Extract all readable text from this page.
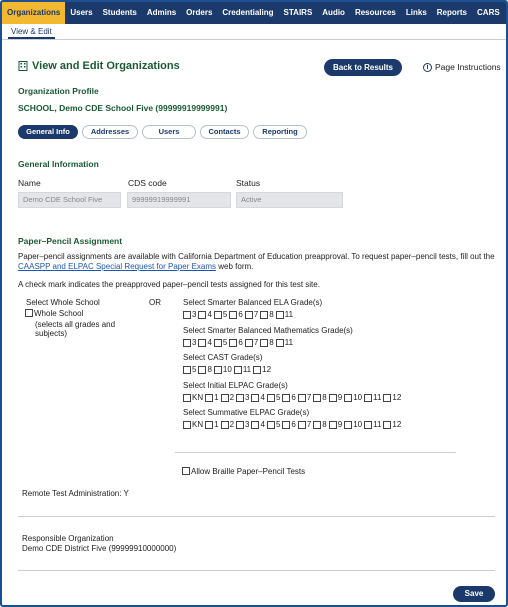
Organizations	Users	Students	Admins	Orders	Credentialing	STAIRS	Audio	Resources	Links	Reports	CARS
View & Edit
View and Edit Organizations	Back to Results	i Page Instructions
Organization Profile
SCHOOL, Demo CDE School Five (99999919999991)
General Info	Addresses	Users	Contacts	Reporting
General Information
Name	CDS code	Status
Demo CDE School Five	99999919999991	Active
Paper–Pencil Assignment
Paper–pencil assignments are available with California Department of Education preapproval. To request paper–pencil tests, fill out the
CAASPP and ELPAC Special Request for Paper Exams web form.
A check mark indicates the preapproved paper–pencil tests assigned for this test site.
Select Whole School	OR
Whole School
(selects all grades and
subjects)
Select Smarter Balanced ELA Grade(s)
3 4 5 6 7 8 11
Select Smarter Balanced Mathematics Grade(s)
3 4 5 6 7 8 11
Select CAST Grade(s)
5 8 10 11 12
Select Initial ELPAC Grade(s)
KN 1 2 3 4 5 6 7 8 9 10 11 12
Select Summative ELPAC Grade(s)
KN 1 2 3 4 5 6 7 8 9 10 11 12
Allow Braille Paper–Pencil Tests
Remote Test Administration: Y
Responsible Organization
Demo CDE District Five (99999910000000)
Save
